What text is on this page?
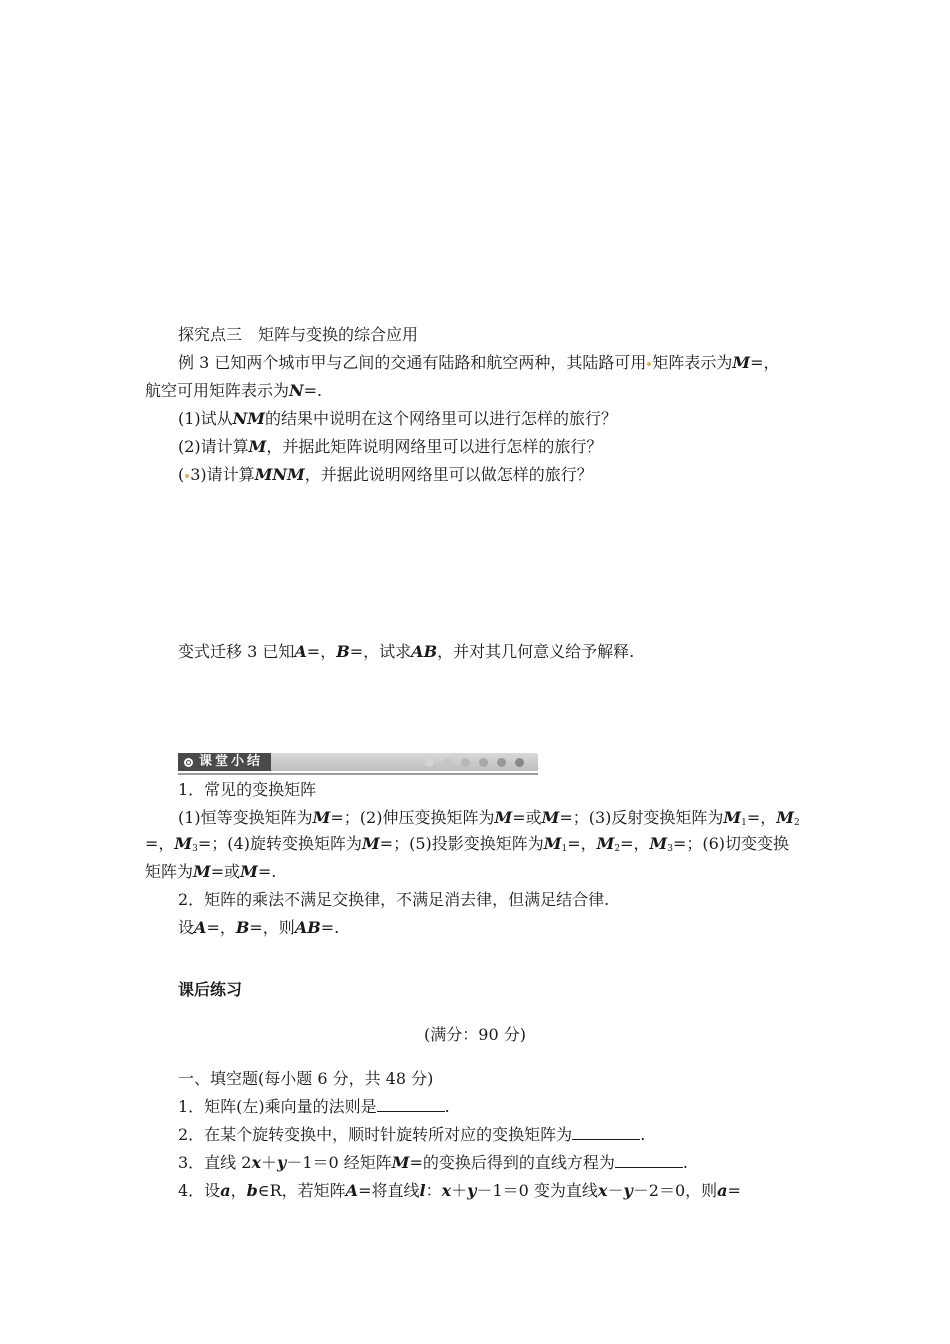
探究点三　矩阵与变换的综合应用
例 3 已知两个城市甲与乙间的交通有陆路和航空两种，其陆路可用 矩阵表示为M=，
航空可用矩阵表示为N=.
(1)试从NM的结果中说明在这个网络里可以进行怎样的旅行？
(2)请计算M，并据此矩阵说明网络里可以进行怎样的旅行？
( 3)请计算MNM，并据此说明网络里可以做怎样的旅行？
变式迁移 3 已知A=，B=，试求AB，并对其几何意义给予解释.
课堂小结
1．常见的变换矩阵
(1)恒等变换矩阵为M=；(2)伸压变换矩阵为M=或M=；(3)反射变换矩阵为$M_1=$，$M_2$
=，$M_3=$；(4)旋转变换矩阵为M=；(5)投影变换矩阵为$M_1=$，$M_2=$，$M_3=$；(6)切变变换
矩阵为M=或M=.
2．矩阵的乘法不满足交换律，不满足消去律，但满足结合律.
设A=，B=，则AB=.
课后练习
(满分：90 分)
一、填空题(每小题 6 分，共 48 分)
1．矩阵(左)乘向量的法则是	.
2．在某个旋转变换中，顺时针旋转所对应的变换矩阵为	.
3．直线 2x＋y－1＝0 经矩阵M=的变换后得到的直线方程为	.
4．设a，b∈R，若矩阵A=将直线l：x＋y－1＝0 变为直线x－y－2＝0，则a=
